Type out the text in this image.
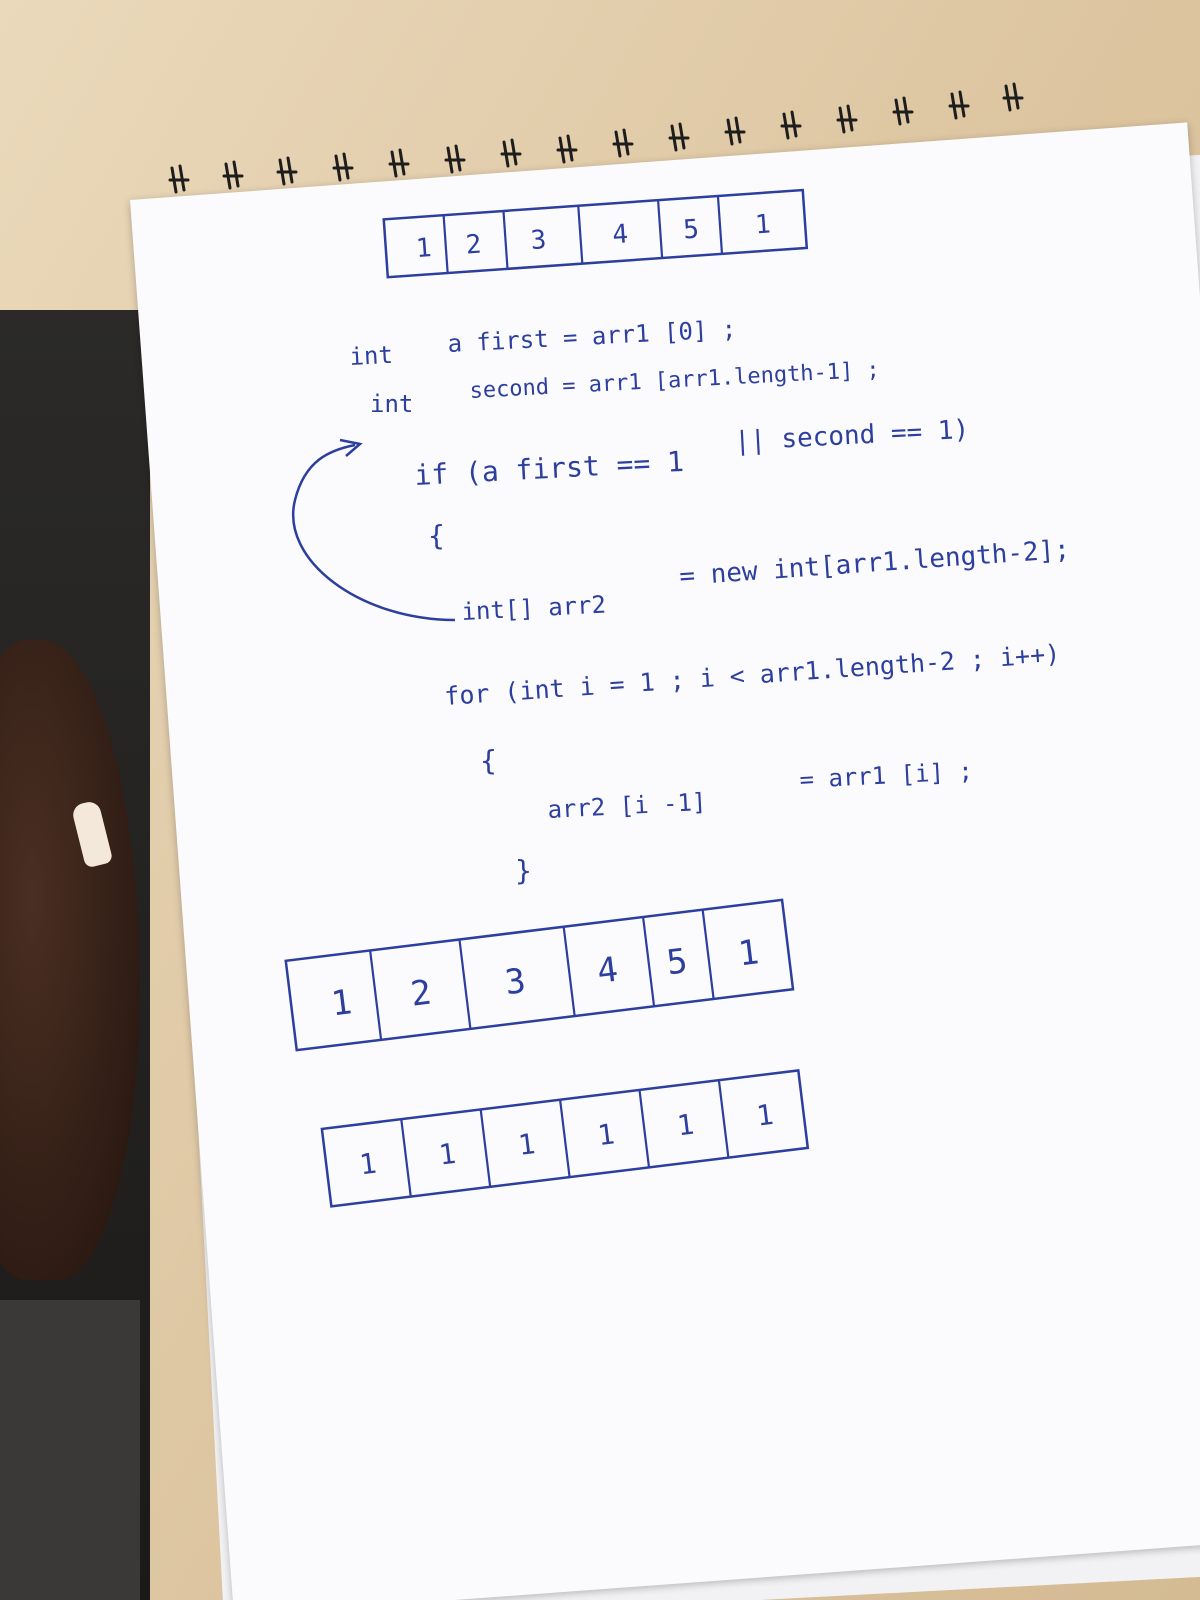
1 2 3 4 5 1
int a first = arr1 [0] ;
int
second = arr1 [arr1.length-1] ;
if (a first == 1
|| second == 1)
{
int[] arr2
= new int[arr1.length-2];
for (int i = 1 ; i < arr1.length-2 ; i++)
{
arr2 [i -1]
= arr1 [i] ;
}
1 2 3 4 5 1
1 1 1 1 1 1
